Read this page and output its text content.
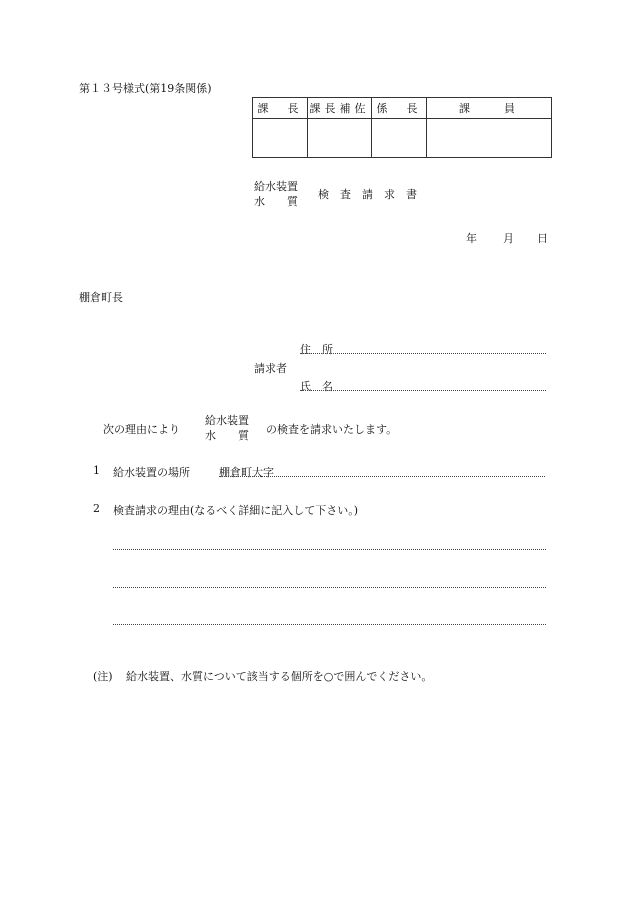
第１３号様式(第19条関係)
課　長	課長補佐	係　長	課　　員

給水装置
水　　質
検　査　請　求　書
年 月 日
棚倉町長
住　所
請求者
氏　名
次の理由により
給水装置
水　　質 の検査を請求いたします。
1 給水装置の場所	棚倉町大字
2 検査請求の理由(なるべく詳細に記入して下さい。)
(注) 給水装置、水質について該当する個所を○で囲んでください。
